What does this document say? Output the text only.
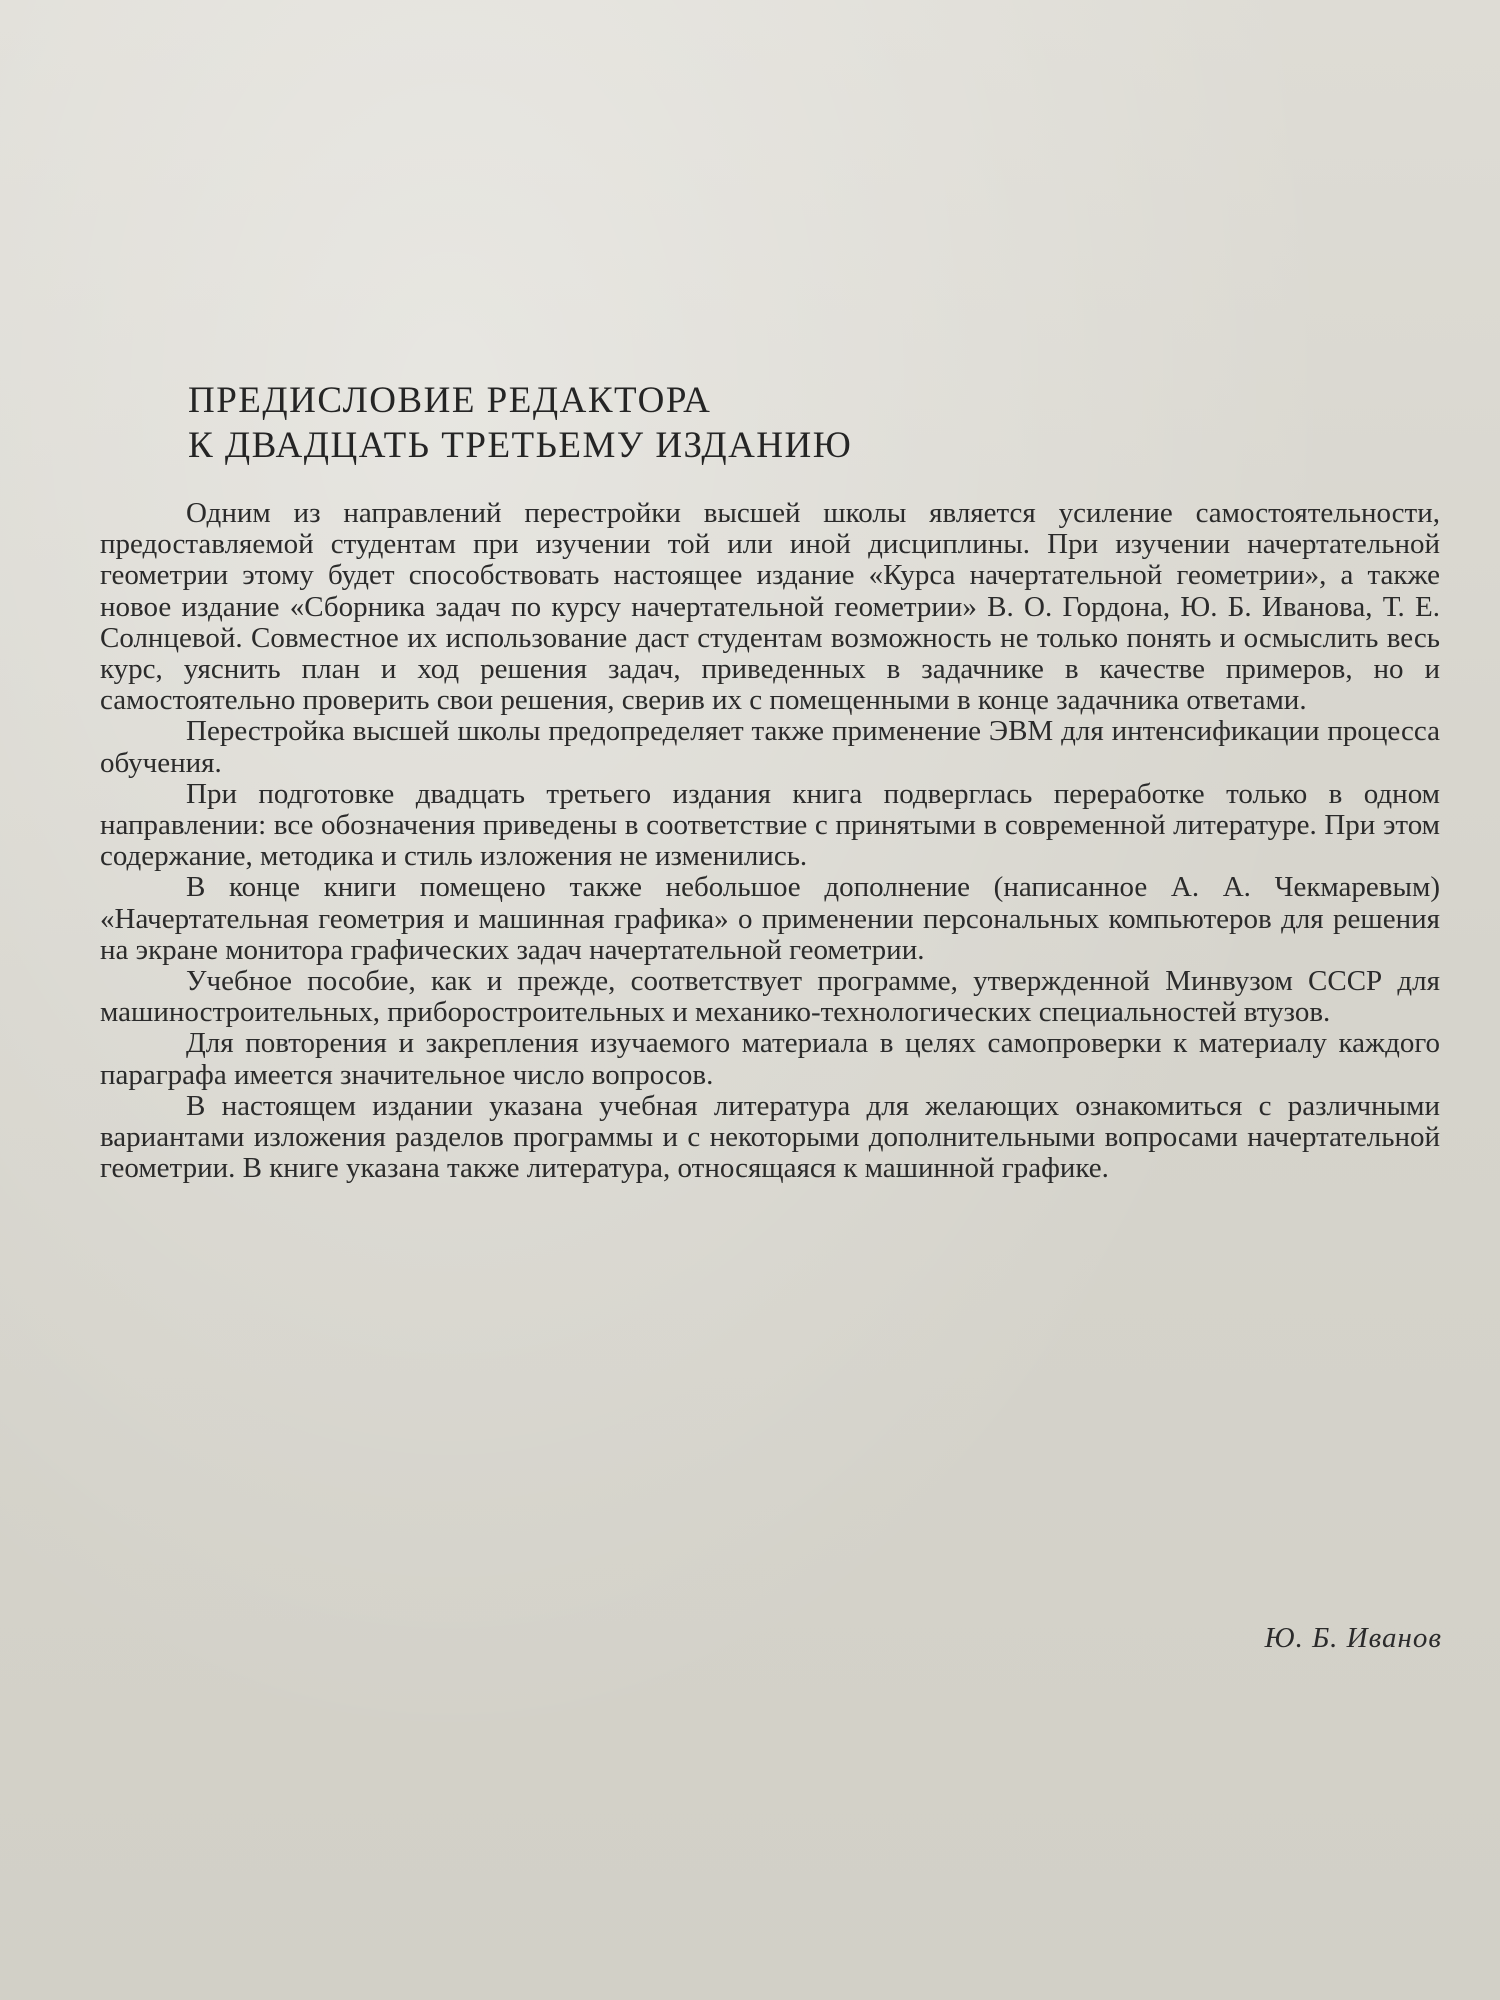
ПРЕДИСЛОВИЕ РЕДАКТОРА
К ДВАДЦАТЬ ТРЕТЬЕМУ ИЗДАНИЮ

Одним из направлений перестройки высшей школы является усиление самостоятельности, предоставляемой студентам при изучении той или иной дисциплины. При изучении начертательной геометрии этому будет способствовать настоящее издание «Курса начертательной геометрии», а также новое издание «Сборника задач по курсу начертательной геометрии» В. О. Гордона, Ю. Б. Иванова, Т. Е. Солнцевой. Совместное их использование даст студентам возможность не только понять и осмыслить весь курс, уяснить план и ход решения задач, приведенных в задачнике в качестве примеров, но и самостоятельно проверить свои решения, сверив их с помещенными в конце задачника ответами.

Перестройка высшей школы предопределяет также применение ЭВМ для интенсификации процесса обучения.

При подготовке двадцать третьего издания книга подверглась переработке только в одном направлении: все обозначения приведены в соответствие с принятыми в современной литературе. При этом содержание, методика и стиль изложения не изменились.

В конце книги помещено также небольшое дополнение (написанное А. А. Чекмаревым) «Начертательная геометрия и машинная графика» о применении персональных компьютеров для решения на экране монитора графических задач начертательной геометрии.

Учебное пособие, как и прежде, соответствует программе, утвержденной Минвузом СССР для машиностроительных, приборостроительных и механико-технологических специальностей втузов.

Для повторения и закрепления изучаемого материала в целях самопроверки к материалу каждого параграфа имеется значительное число вопросов.

В настоящем издании указана учебная литература для желающих ознакомиться с различными вариантами изложения разделов программы и с некоторыми дополнительными вопросами начертательной геометрии. В книге указана также литература, относящаяся к машинной графике.

Ю. Б. Иванов
